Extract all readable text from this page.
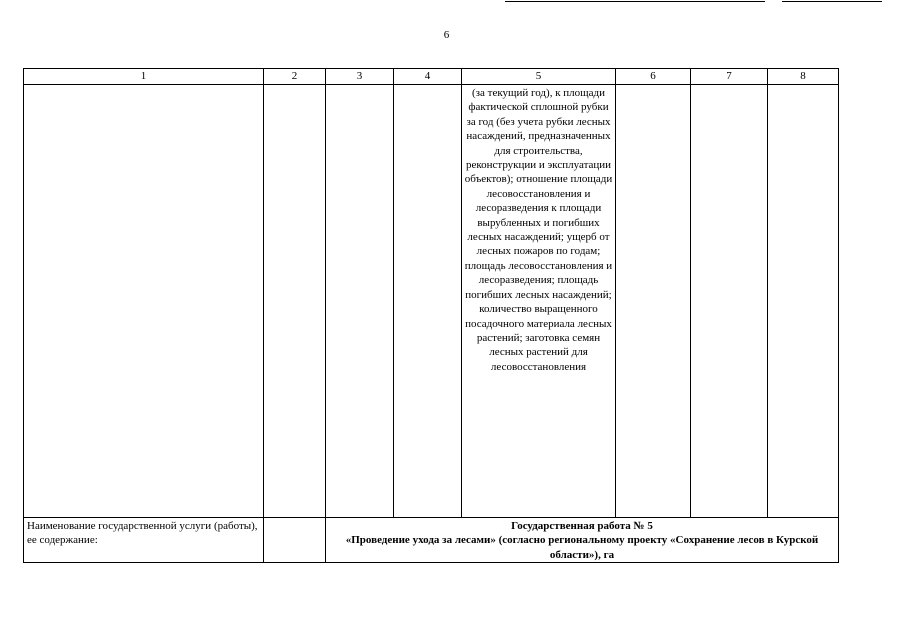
6
1	2	3	4	5	6	7	8

				(за текущий год), к площади фактической сплошной рубки за год (без учета рубки лесных насаждений, предназначенных для строительства, реконструкции и эксплуатации объектов); отношение площади лесовосстановления и лесоразведения к площади вырубленных и погибших лесных насаждений; ущерб от лесных пожаров по годам; площадь лесовосстановления и лесоразведения; площадь погибших лесных насаждений; количество выращенного посадочного материала лесных растений; заготовка семян лесных растений для лесовосстановления			

Наименование государственной услуги (работы), ее содержание:		Государственная работа № 5
«Проведение ухода за лесами» (согласно региональному проекту «Сохранение лесов в Курской области»), га					
